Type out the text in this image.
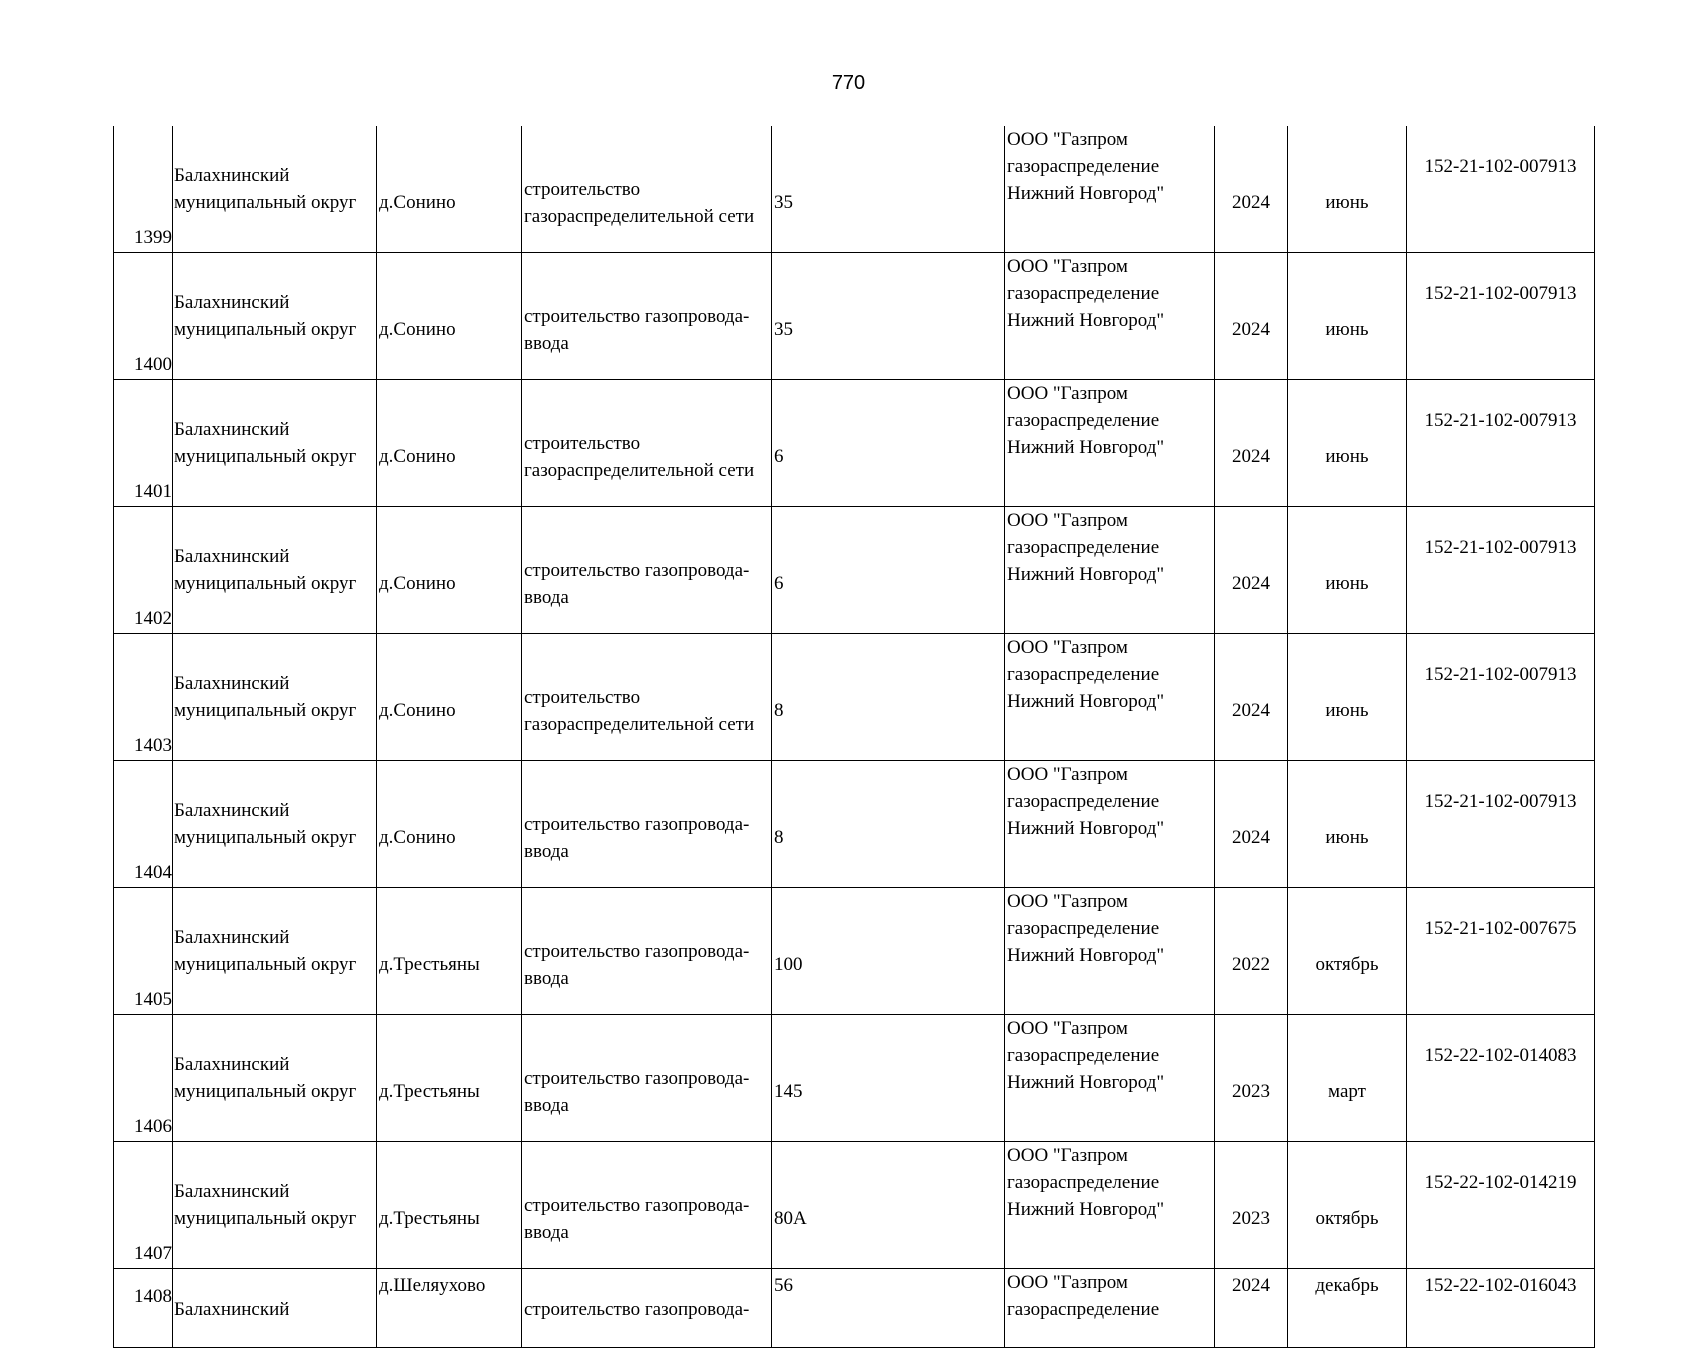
770
1399	Балахнинский
муниципальный округ	д.Сонино	строительство
газораспределительной сети	35	ООО "Газпром
газораспределение
Нижний Новгород"	2024	июнь	152-21-102-007913

1400	Балахнинский
муниципальный округ	д.Сонино	строительство газопровода-
ввода	35	ООО "Газпром
газораспределение
Нижний Новгород"	2024	июнь	152-21-102-007913

1401	Балахнинский
муниципальный округ	д.Сонино	строительство
газораспределительной сети	6	ООО "Газпром
газораспределение
Нижний Новгород"	2024	июнь	152-21-102-007913

1402	Балахнинский
муниципальный округ	д.Сонино	строительство газопровода-
ввода	6	ООО "Газпром
газораспределение
Нижний Новгород"	2024	июнь	152-21-102-007913

1403	Балахнинский
муниципальный округ	д.Сонино	строительство
газораспределительной сети	8	ООО "Газпром
газораспределение
Нижний Новгород"	2024	июнь	152-21-102-007913

1404	Балахнинский
муниципальный округ	д.Сонино	строительство газопровода-
ввода	8	ООО "Газпром
газораспределение
Нижний Новгород"	2024	июнь	152-21-102-007913

1405	Балахнинский
муниципальный округ	д.Трестьяны	строительство газопровода-
ввода	100	ООО "Газпром
газораспределение
Нижний Новгород"	2022	октябрь	152-21-102-007675

1406	Балахнинский
муниципальный округ	д.Трестьяны	строительство газопровода-
ввода	145	ООО "Газпром
газораспределение
Нижний Новгород"	2023	март	152-22-102-014083

1407	Балахнинский
муниципальный округ	д.Трестьяны	строительство газопровода-
ввода	80А	ООО "Газпром
газораспределение
Нижний Новгород"	2023	октябрь	152-22-102-014219

1408	Балахнинский	д.Шеляухово	строительство газопровода-	56	ООО "Газпром
газораспределение	2024	декабрь	152-22-102-016043
